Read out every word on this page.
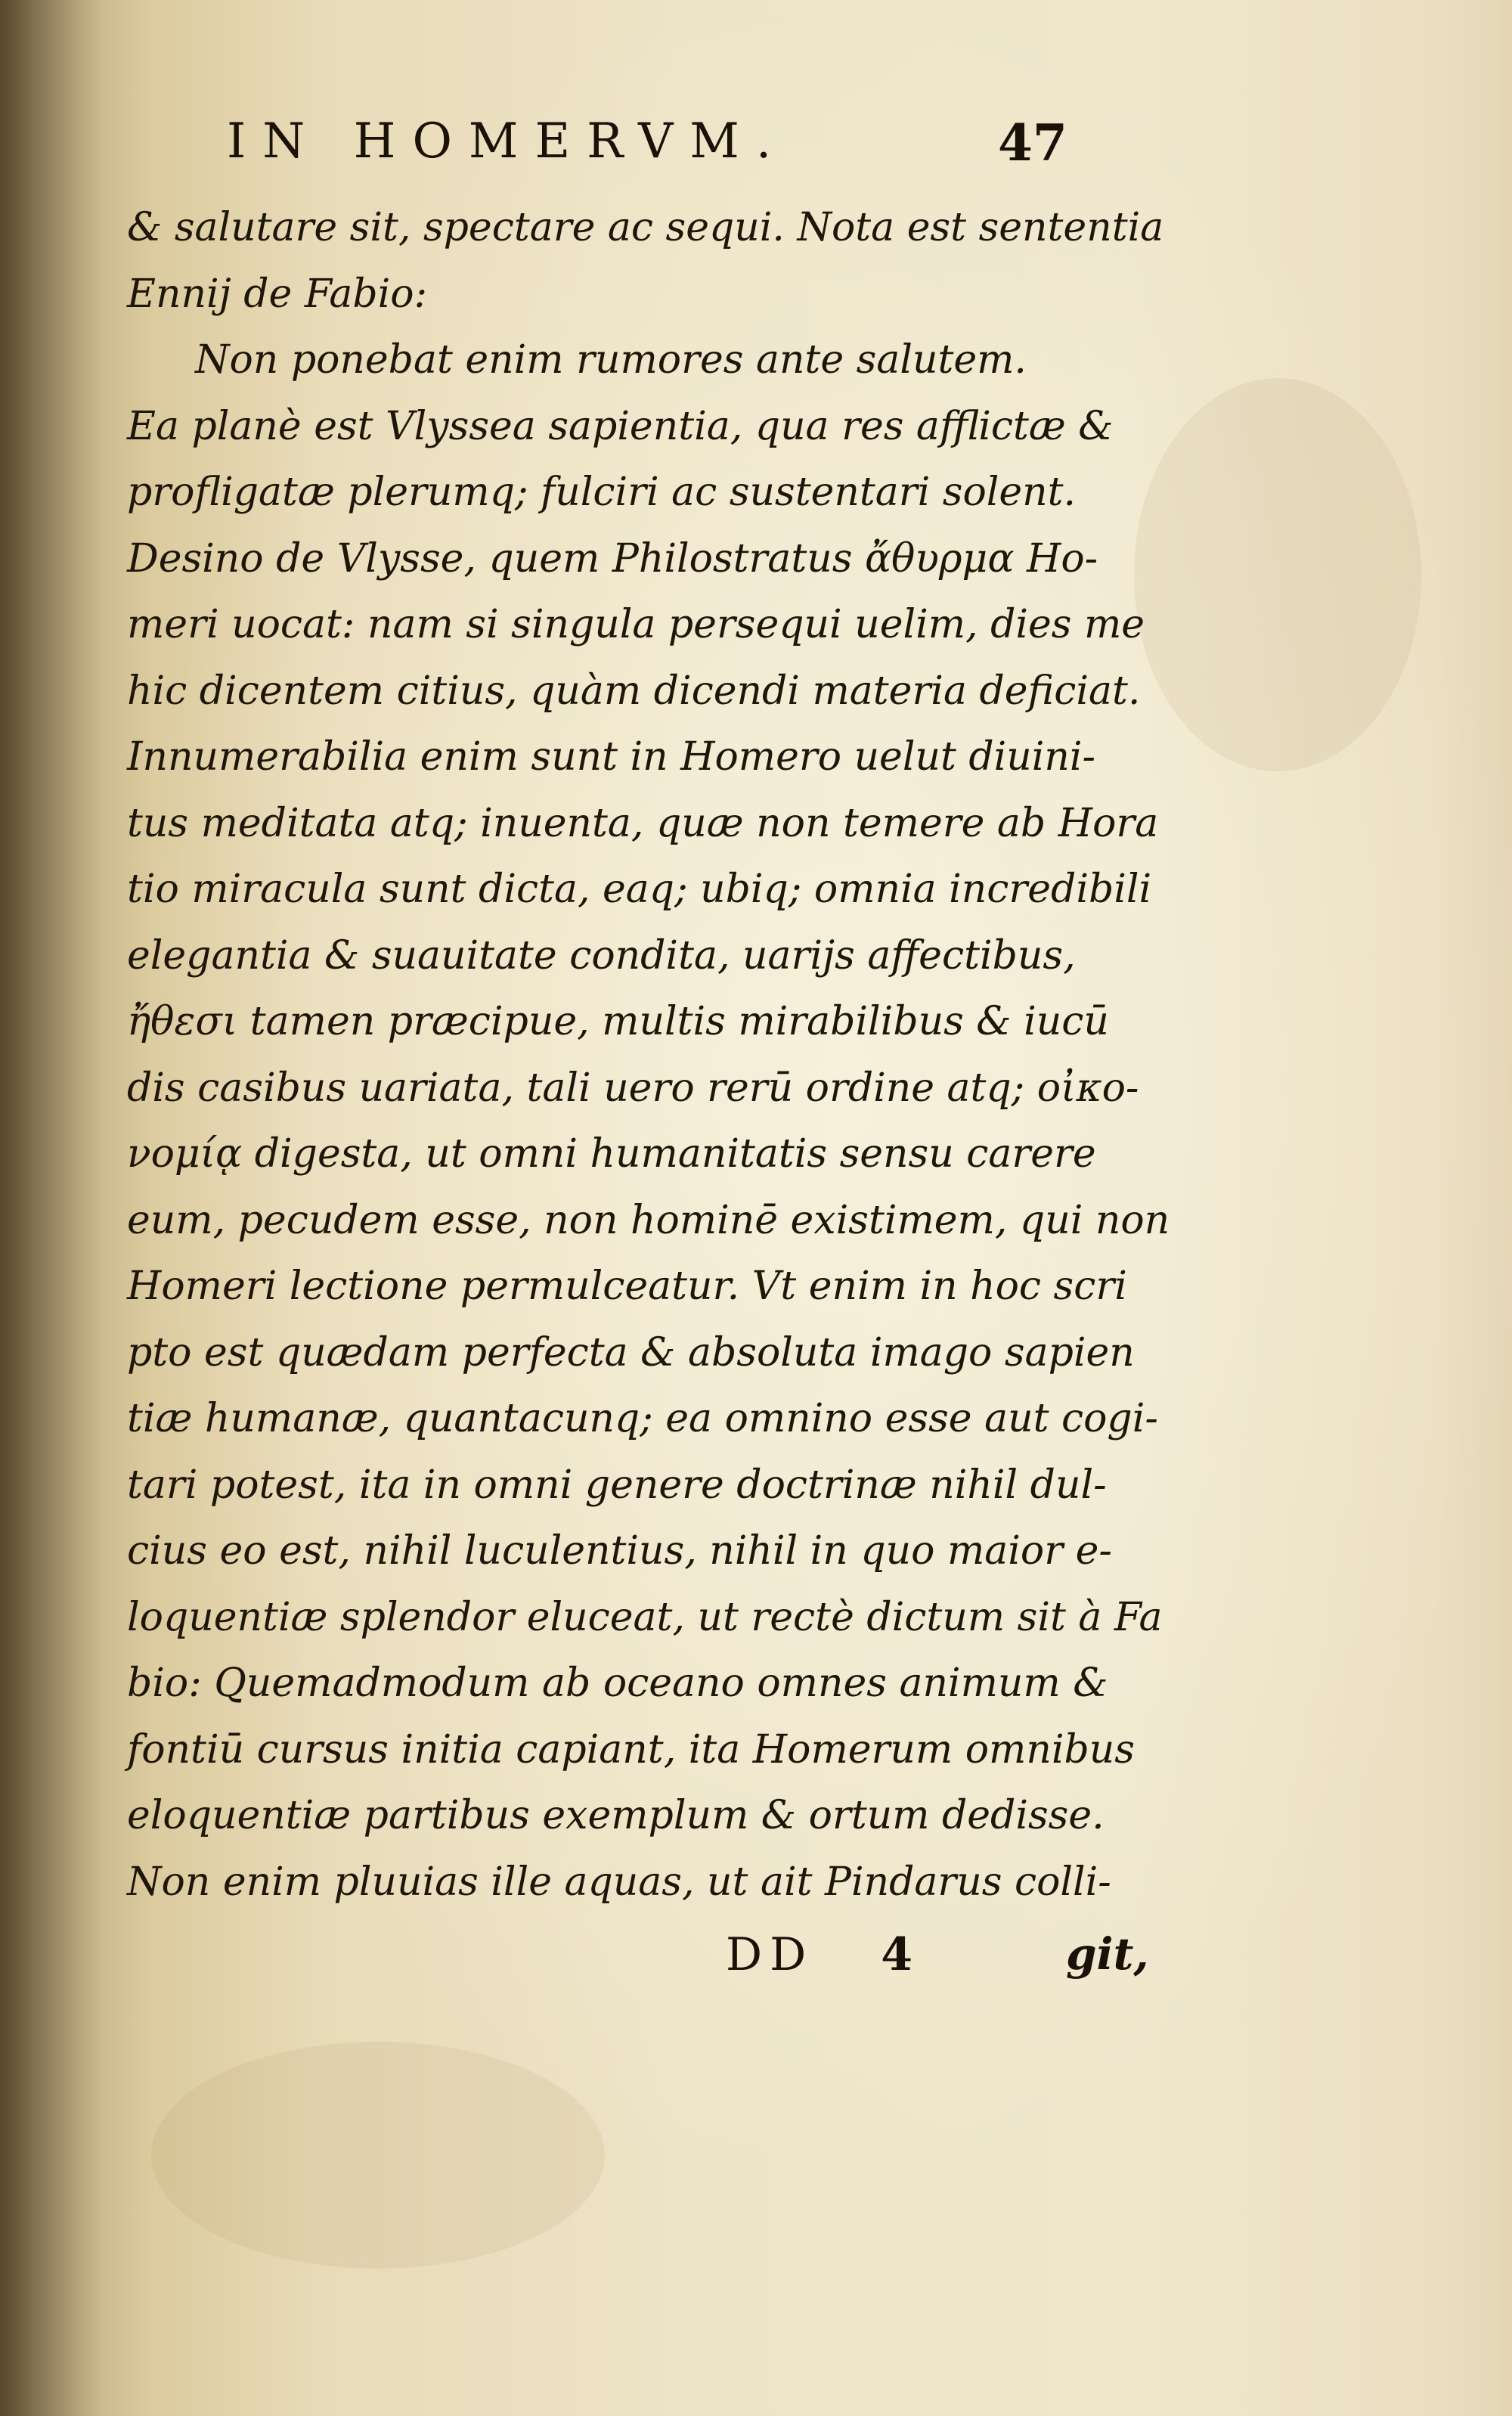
IN HOMERVM.	47
& salutare sit, spectare ac sequi. Nota est sententia
Ennij de Fabio:
Non ponebat enim rumores ante salutem.
Ea planè est Vlyssea sapientia, qua res afflictæ &
profligatæ plerumq; fulciri ac sustentari solent.
Desino de Vlysse, quem Philostratus ἄθυρμα Ho-
meri uocat: nam si singula persequi uelim, dies me
hic dicentem citius, quàm dicendi materia deficiat.
Innumerabilia enim sunt in Homero uelut diuini-
tus meditata atq; inuenta, quæ non temere ab Hora
tio miracula sunt dicta, eaq; ubiq; omnia incredibili
elegantia & suauitate condita, uarijs affectibus,
ἤθεσι tamen præcipue, multis mirabilibus & iucū
dis casibus uariata, tali uero rerū ordine atq; οἰκο-
νομίᾳ digesta, ut omni humanitatis sensu carere
eum, pecudem esse, non hominē existimem, qui non
Homeri lectione permulceatur. Vt enim in hoc scri
pto est quædam perfecta & absoluta imago sapien
tiæ humanæ, quantacunq; ea omnino esse aut cogi-
tari potest, ita in omni genere doctrinæ nihil dul-
cius eo est, nihil luculentius, nihil in quo maior e-
loquentiæ splendor eluceat, ut rectè dictum sit à Fa
bio: Quemadmodum ab oceano omnes animum &
fontiū cursus initia capiant, ita Homerum omnibus
eloquentiæ partibus exemplum & ortum dedisse.
Non enim pluuias ille aquas, ut ait Pindarus colli-
DD 4	git,
